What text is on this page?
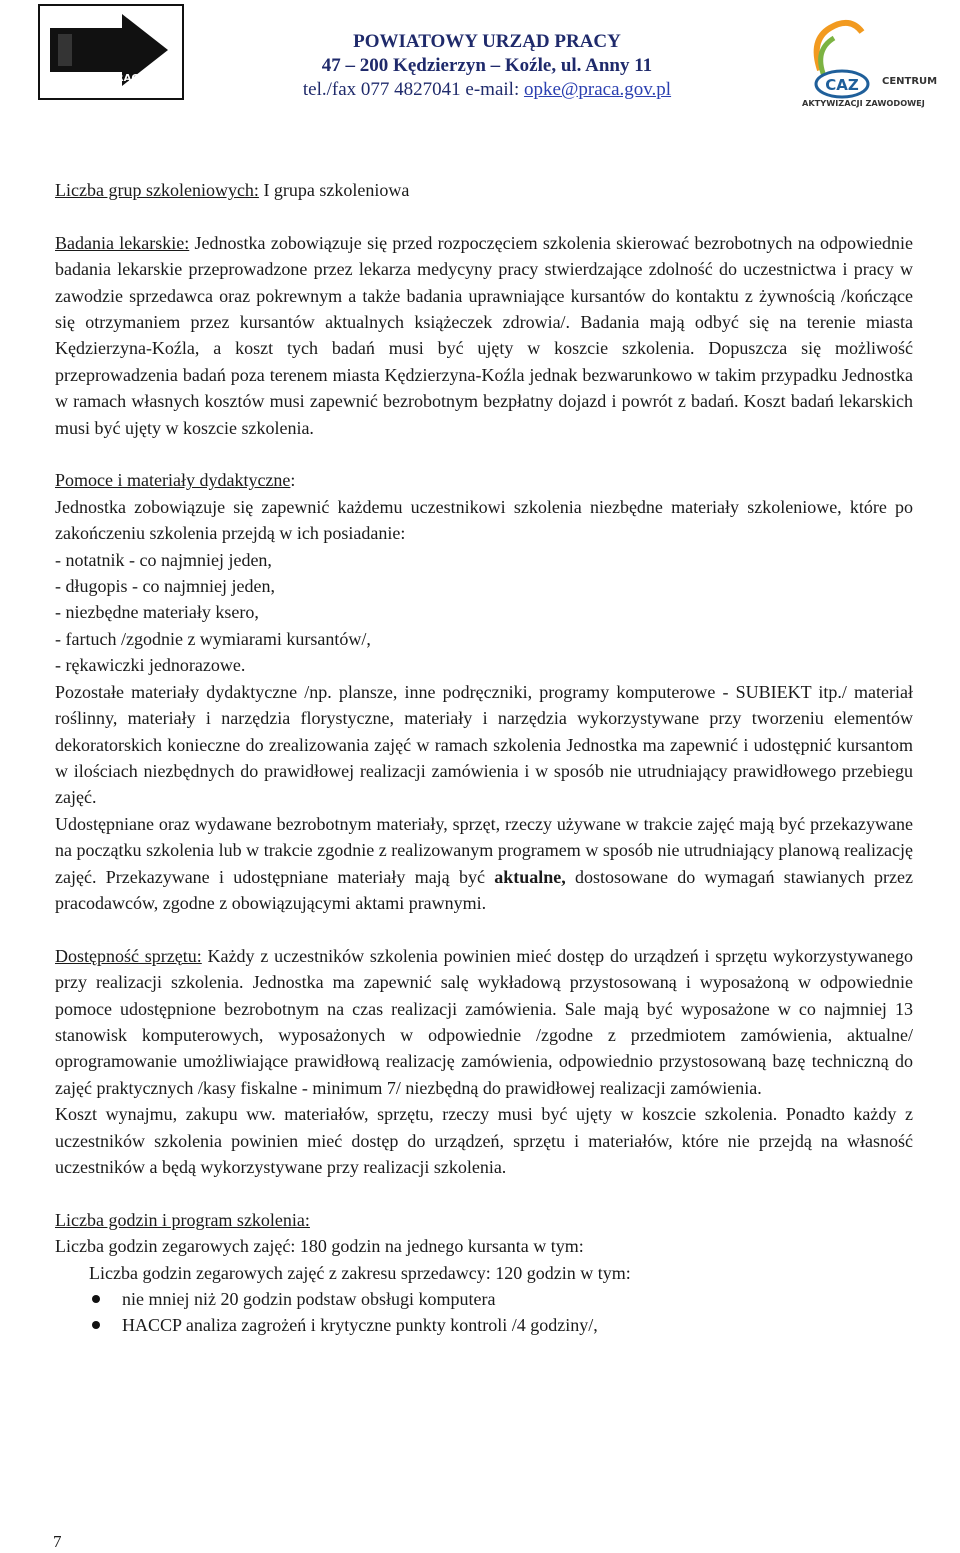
URZĄD PRACY
POWIATOWY URZĄD PRACY
47 – 200 Kędzierzyn – Koźle, ul. Anny 11
tel./fax 077 4827041 e-mail: opke@praca.gov.pl	CAZ CENTRUM
AKTYWIZACJI ZAWODOWEJ

Liczba grup szkoleniowych: I grupa szkoleniowa

Badania lekarskie: Jednostka zobowiązuje się przed rozpoczęciem szkolenia skierować bezrobotnych na odpowiednie badania lekarskie przeprowadzone przez lekarza medycyny pracy stwierdzające zdolność do uczestnictwa i pracy w zawodzie sprzedawca oraz pokrewnym a także badania uprawniające kursantów do kontaktu z żywnością /kończące się otrzymaniem przez kursantów aktualnych książeczek zdrowia/. Badania mają odbyć się na terenie miasta Kędzierzyna-Koźla, a koszt tych badań musi być ujęty w koszcie szkolenia. Dopuszcza się możliwość przeprowadzenia badań poza terenem miasta Kędzierzyna-Koźla jednak bezwarunkowo w takim przypadku Jednostka w ramach własnych kosztów musi zapewnić bezrobotnym bezpłatny dojazd i powrót z badań. Koszt badań lekarskich musi być ujęty w koszcie szkolenia.

Pomoce i materiały dydaktyczne:

Jednostka zobowiązuje się zapewnić każdemu uczestnikowi szkolenia niezbędne materiały szkoleniowe, które po zakończeniu szkolenia przejdą w ich posiadanie:

- notatnik - co najmniej jeden,

- długopis - co najmniej jeden,

- niezbędne materiały ksero,

- fartuch /zgodnie z wymiarami kursantów/,

- rękawiczki jednorazowe.

Pozostałe materiały dydaktyczne /np. plansze, inne podręczniki, programy komputerowe - SUBIEKT itp./ materiał roślinny, materiały i narzędzia florystyczne, materiały i narzędzia wykorzystywane przy tworzeniu elementów dekoratorskich konieczne do zrealizowania zajęć w ramach szkolenia Jednostka ma zapewnić i udostępnić kursantom w ilościach niezbędnych do prawidłowej realizacji zamówienia i w sposób nie utrudniający prawidłowego przebiegu zajęć.

Udostępniane oraz wydawane bezrobotnym materiały, sprzęt, rzeczy używane w trakcie zajęć mają być przekazywane na początku szkolenia lub w trakcie zgodnie z realizowanym programem w sposób nie utrudniający planową realizację zajęć. Przekazywane i udostępniane materiały mają być aktualne, dostosowane do wymagań stawianych przez pracodawców, zgodne z obowiązującymi aktami prawnymi.

Dostępność sprzętu: Każdy z uczestników szkolenia powinien mieć dostęp do urządzeń i sprzętu wykorzystywanego przy realizacji szkolenia. Jednostka ma zapewnić salę wykładową przystosowaną i wyposażoną w odpowiednie pomoce udostępnione bezrobotnym na czas realizacji zamówienia. Sale mają być wyposażone w co najmniej 13 stanowisk komputerowych, wyposażonych w odpowiednie /zgodne z przedmiotem zamówienia, aktualne/ oprogramowanie umożliwiające prawidłową realizację zamówienia, odpowiednio przystosowaną bazę techniczną do zajęć praktycznych /kasy fiskalne - minimum 7/ niezbędną do prawidłowej realizacji zamówienia.

Koszt wynajmu, zakupu ww. materiałów, sprzętu, rzeczy musi być ujęty w koszcie szkolenia. Ponadto każdy z uczestników szkolenia powinien mieć dostęp do urządzeń, sprzętu i materiałów, które nie przejdą na własność uczestników a będą wykorzystywane przy realizacji szkolenia.

Liczba godzin i program szkolenia:

Liczba godzin zegarowych zajęć: 180 godzin na jednego kursanta w tym:

Liczba godzin zegarowych zajęć z zakresu sprzedawcy: 120 godzin w tym:

nie mniej niż 20 godzin podstaw obsługi komputera
HACCP analiza zagrożeń i krytyczne punkty kontroli /4 godziny/,
7
